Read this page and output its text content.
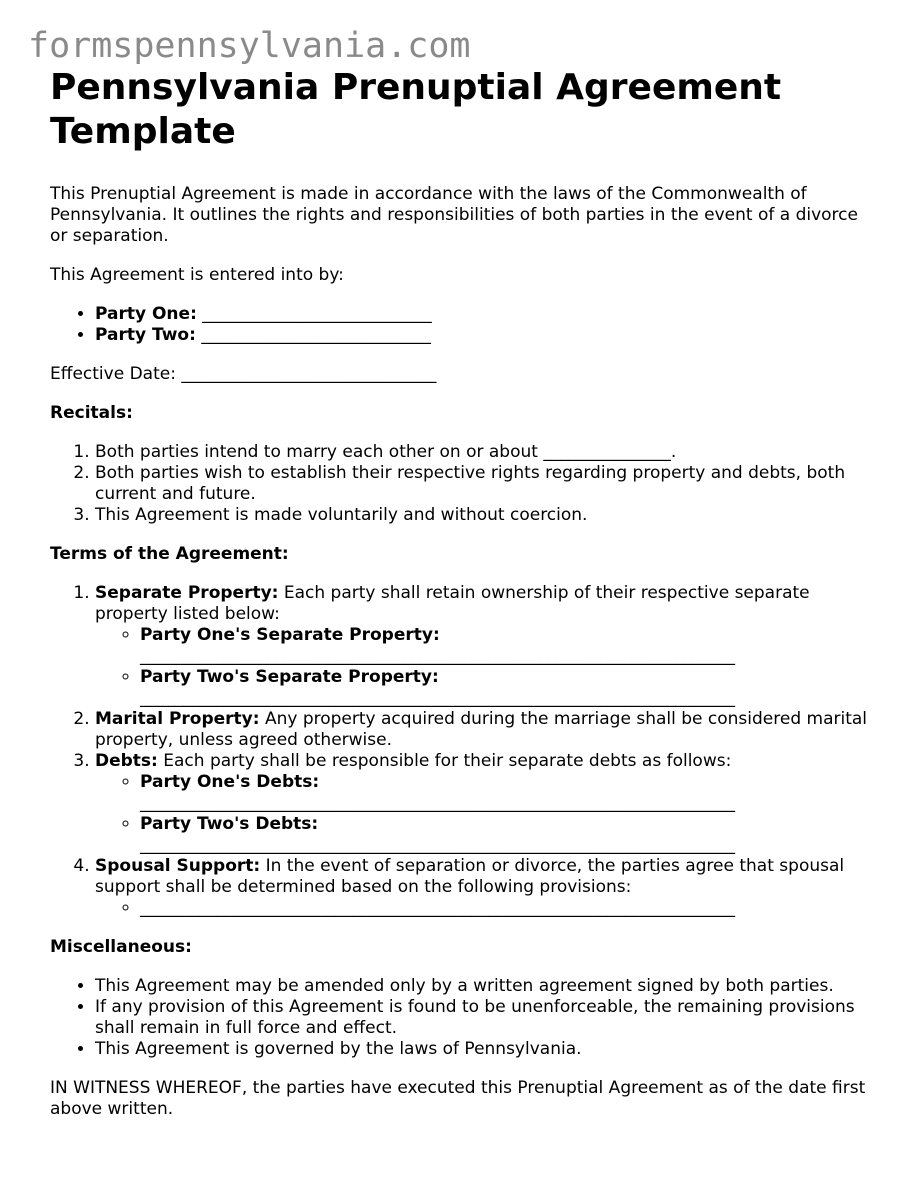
formspennsylvania.com
Pennsylvania Prenuptial Agreement Template

This Prenuptial Agreement is made in accordance with the laws of the Commonwealth of Pennsylvania. It outlines the rights and responsibilities of both parties in the event of a divorce or separation.

This Agreement is entered into by:

• Party One: ___________________________
• Party Two: ___________________________

Effective Date: ______________________________

Recitals:

1. Both parties intend to marry each other on or about _______________.
2. Both parties wish to establish their respective rights regarding property and debts, both current and future.
3. This Agreement is made voluntarily and without coercion.

Terms of the Agreement:

1. Separate Property: Each party shall retain ownership of their respective separate property listed below:
◦ Party One's Separate Property:
______________________________________________________________________
◦ Party Two's Separate Property:
______________________________________________________________________
2. Marital Property: Any property acquired during the marriage shall be considered marital property, unless agreed otherwise.
3. Debts: Each party shall be responsible for their separate debts as follows:
◦ Party One's Debts:
______________________________________________________________________
◦ Party Two's Debts:
______________________________________________________________________
4. Spousal Support: In the event of separation or divorce, the parties agree that spousal support shall be determined based on the following provisions:
◦ ______________________________________________________________________

Miscellaneous:

• This Agreement may be amended only by a written agreement signed by both parties.
• If any provision of this Agreement is found to be unenforceable, the remaining provisions shall remain in full force and effect.
• This Agreement is governed by the laws of Pennsylvania.

IN WITNESS WHEREOF, the parties have executed this Prenuptial Agreement as of the date first above written.
